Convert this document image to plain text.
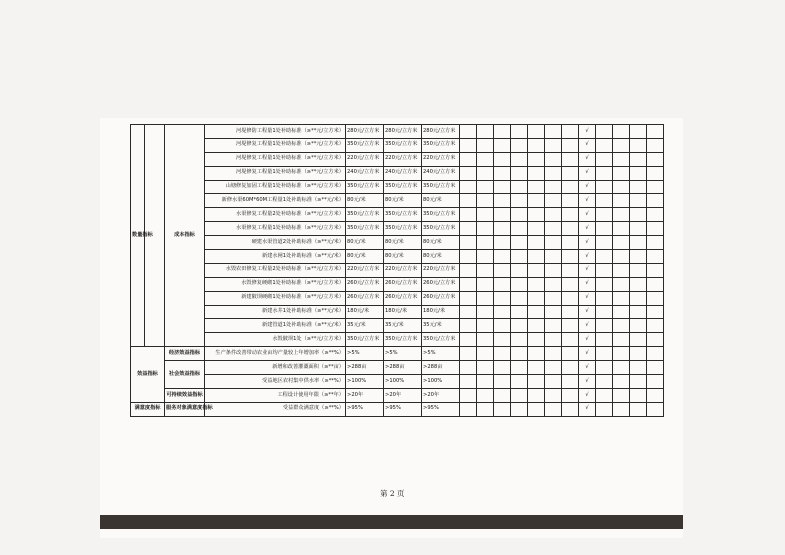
数量指标		成本指标	河堤修防工程量1处补助标准（≥**元/立方米）	280元/立方米	280元/立方米	280元/立方米								√				
			河堤修复工程量1处补助标准（≥**元/立方米）	350元/立方米	350元/立方米	350元/立方米								√				
			河堤修复工程量1处补助标准（≥**元/立方米）	220元/立方米	220元/立方米	220元/立方米								√				
			河堤修复工程量1处补助标准（≥**元/立方米）	240元/立方米	240元/立方米	240元/立方米								√				
			山塘修复加固工程量1处补助标准（≥**元/立方米）	350元/立方米	350元/立方米	350元/立方米								√				
			新修水渠60M*60M工程量1处补助标准（≥**元/米）	80元/米	80元/米	80元/米								√				
			水渠修复工程量2处补助标准（≥**元/立方米）	350元/立方米	350元/立方米	350元/立方米								√				
			水渠修复工程量1处补助标准（≥**元/立方米）	350元/立方米	350元/立方米	350元/立方米								√				
			硬建水渠管道2处补助标准（≥**元/米）	80元/米	80元/米	80元/米								√				
			新建水闸1处补助标准（≥**元/米）	80元/米	80元/米	80元/米								√				
			水毁农田修复工程量2处补助标准（≥**元/立方米）	220元/立方米	220元/立方米	220元/立方米								√				
			水毁修复硬砌1处补助标准（≥**元/立方米）	260元/立方米	260元/立方米	260元/立方米								√				
			新建陂坝硬砌1处补助标准（≥**元/立方米）	260元/立方米	260元/立方米	260元/立方米								√				
			新建水井1处补助标准（≥**元/米）	180元/米	180元/米	180元/米								√				
			新建管道1处补助标准（≥**元/米）	35元/米	35元/米	35元/米								√				
			水毁陂坝1处（≥**元/立方米）	350元/立方米	350元/立方米	350元/立方米								√				
效益指标		经济效益指标	生产条件改善带动农业亩均产量较上年增加率（≥**%）	>5%	>5%	>5%								√				
		社会效益指标	新增和改善灌溉面积（≥**亩）	>288亩	>288亩	>288亩								√				
			受益地区农村集中供水率（≥**%）	>100%	>100%	>100%								√				
		可持续效益指标	工程设计使用年限（≥**年）	>20年	>20年	>20年								√				
满意度指标		服务对象满意度指标	受益群众满意度（≥**%）	>95%	>95%	>95%								√				
第 2 页
